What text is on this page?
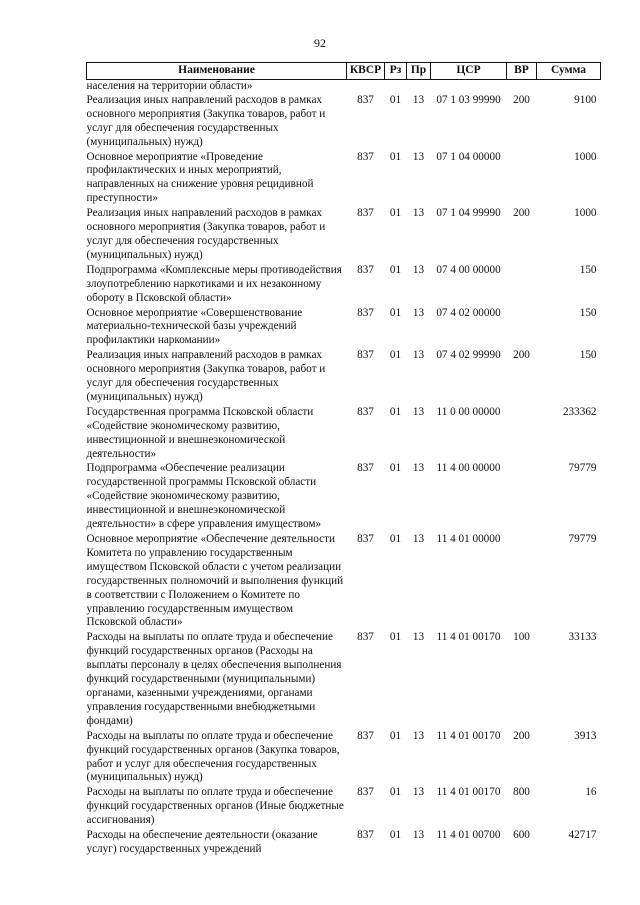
92
Наименование	КВСР	Рз	Пр	ЦСР	ВР	Сумма
населения на территории области»						
Реализация иных направлений расходов в рамках основного мероприятия (Закупка товаров, работ и услуг для обеспечения государственных (муниципальных) нужд)	837	01	13	07 1 03 99990	200	9100
Основное мероприятие «Проведение профилактических и иных мероприятий, направленных на снижение уровня рецидивной преступности»	837	01	13	07 1 04 00000		1000
Реализация иных направлений расходов в рамках основного мероприятия (Закупка товаров, работ и услуг для обеспечения государственных (муниципальных) нужд)	837	01	13	07 1 04 99990	200	1000
Подпрограмма «Комплексные меры противодействия злоупотреблению наркотиками и их незаконному обороту в Псковской области»	837	01	13	07 4 00 00000		150
Основное мероприятие «Совершенствование материально-технической базы учреждений профилактики наркомании»	837	01	13	07 4 02 00000		150
Реализация иных направлений расходов в рамках основного мероприятия (Закупка товаров, работ и услуг для обеспечения государственных (муниципальных) нужд)	837	01	13	07 4 02 99990	200	150
Государственная программа Псковской области «Содействие экономическому развитию, инвестиционной и внешнеэкономической деятельности»	837	01	13	11 0 00 00000		233362
Подпрограмма «Обеспечение реализации государственной программы Псковской области «Содействие экономическому развитию, инвестиционной и внешнеэкономической деятельности» в сфере управления имуществом»	837	01	13	11 4 00 00000		79779
Основное мероприятие «Обеспечение деятельности Комитета по управлению государственным имуществом Псковской области с учетом реализации государственных полномочий и выполнения функций в соответствии с Положением о Комитете по управлению государственным имуществом Псковской области»	837	01	13	11 4 01 00000		79779
Расходы на выплаты по оплате труда и обеспечение функций государственных органов (Расходы на выплаты персоналу в целях обеспечения выполнения функций государственными (муниципальными) органами, казенными учреждениями, органами управления государственными внебюджетными фондами)	837	01	13	11 4 01 00170	100	33133
Расходы на выплаты по оплате труда и обеспечение функций государственных органов (Закупка товаров, работ и услуг для обеспечения государственных (муниципальных) нужд)	837	01	13	11 4 01 00170	200	3913
Расходы на выплаты по оплате труда и обеспечение функций государственных органов (Иные бюджетные ассигнования)	837	01	13	11 4 01 00170	800	16
Расходы на обеспечение деятельности (оказание услуг) государственных учреждений	837	01	13	11 4 01 00700	600	42717
